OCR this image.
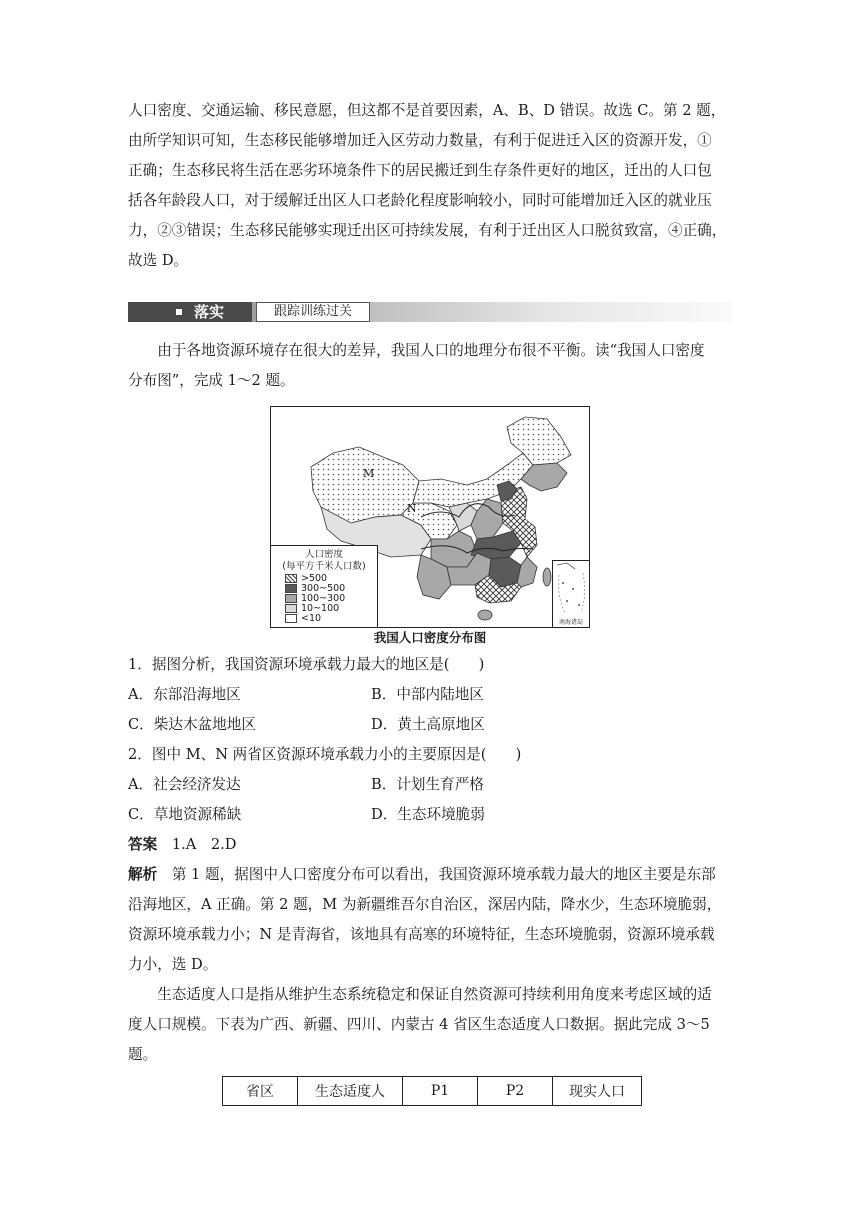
人口密度、交通运输、移民意愿，但这都不是首要因素，A、B、D 错误。故选 C。第 2 题，

由所学知识可知，生态移民能够增加迁入区劳动力数量，有利于促进迁入区的资源开发，①

正确；生态移民将生活在恶劣环境条件下的居民搬迁到生存条件更好的地区，迁出的人口包

括各年龄段人口，对于缓解迁出区人口老龄化程度影响较小，同时可能增加迁入区的就业压

力，②③错误；生态移民能够实现迁出区可持续发展，有利于迁出区人口脱贫致富，④正确，

故选 D。

落实	跟踪训练过关

由于各地资源环境存在很大的差异，我国人口的地理分布很不平衡。读“我国人口密度

分布图”，完成 1～2 题。

M
N
人口密度
(每平方千米人口数)
>500
300~500
100~300
10~100
<10	南海诸岛
我国人口密度分布图

1．据图分析，我国资源环境承载力最大的地区是(　　)

A．东部沿海地区	B．中部内陆地区

C．柴达木盆地地区	D．黄土高原地区

2．图中 M、N 两省区资源环境承载力小的主要原因是(　　)

A．社会经济发达	B．计划生育严格

C．草地资源稀缺	D．生态环境脆弱

答案　 1.A　2.D

解析　 第 1 题，据图中人口密度分布可以看出，我国资源环境承载力最大的地区主要是东部

沿海地区，A 正确。第 2 题，M 为新疆维吾尔自治区，深居内陆，降水少，生态环境脆弱，

资源环境承载力小；N 是青海省，该地具有高寒的环境特征，生态环境脆弱，资源环境承载

力小，选 D。

生态适度人口是指从维护生态系统稳定和保证自然资源可持续利用角度来考虑区域的适

度人口规模。下表为广西、新疆、四川、内蒙古 4 省区生态适度人口数据。据此完成 3～5

题。

省区	生态适度人	P1	P2	现实人口
